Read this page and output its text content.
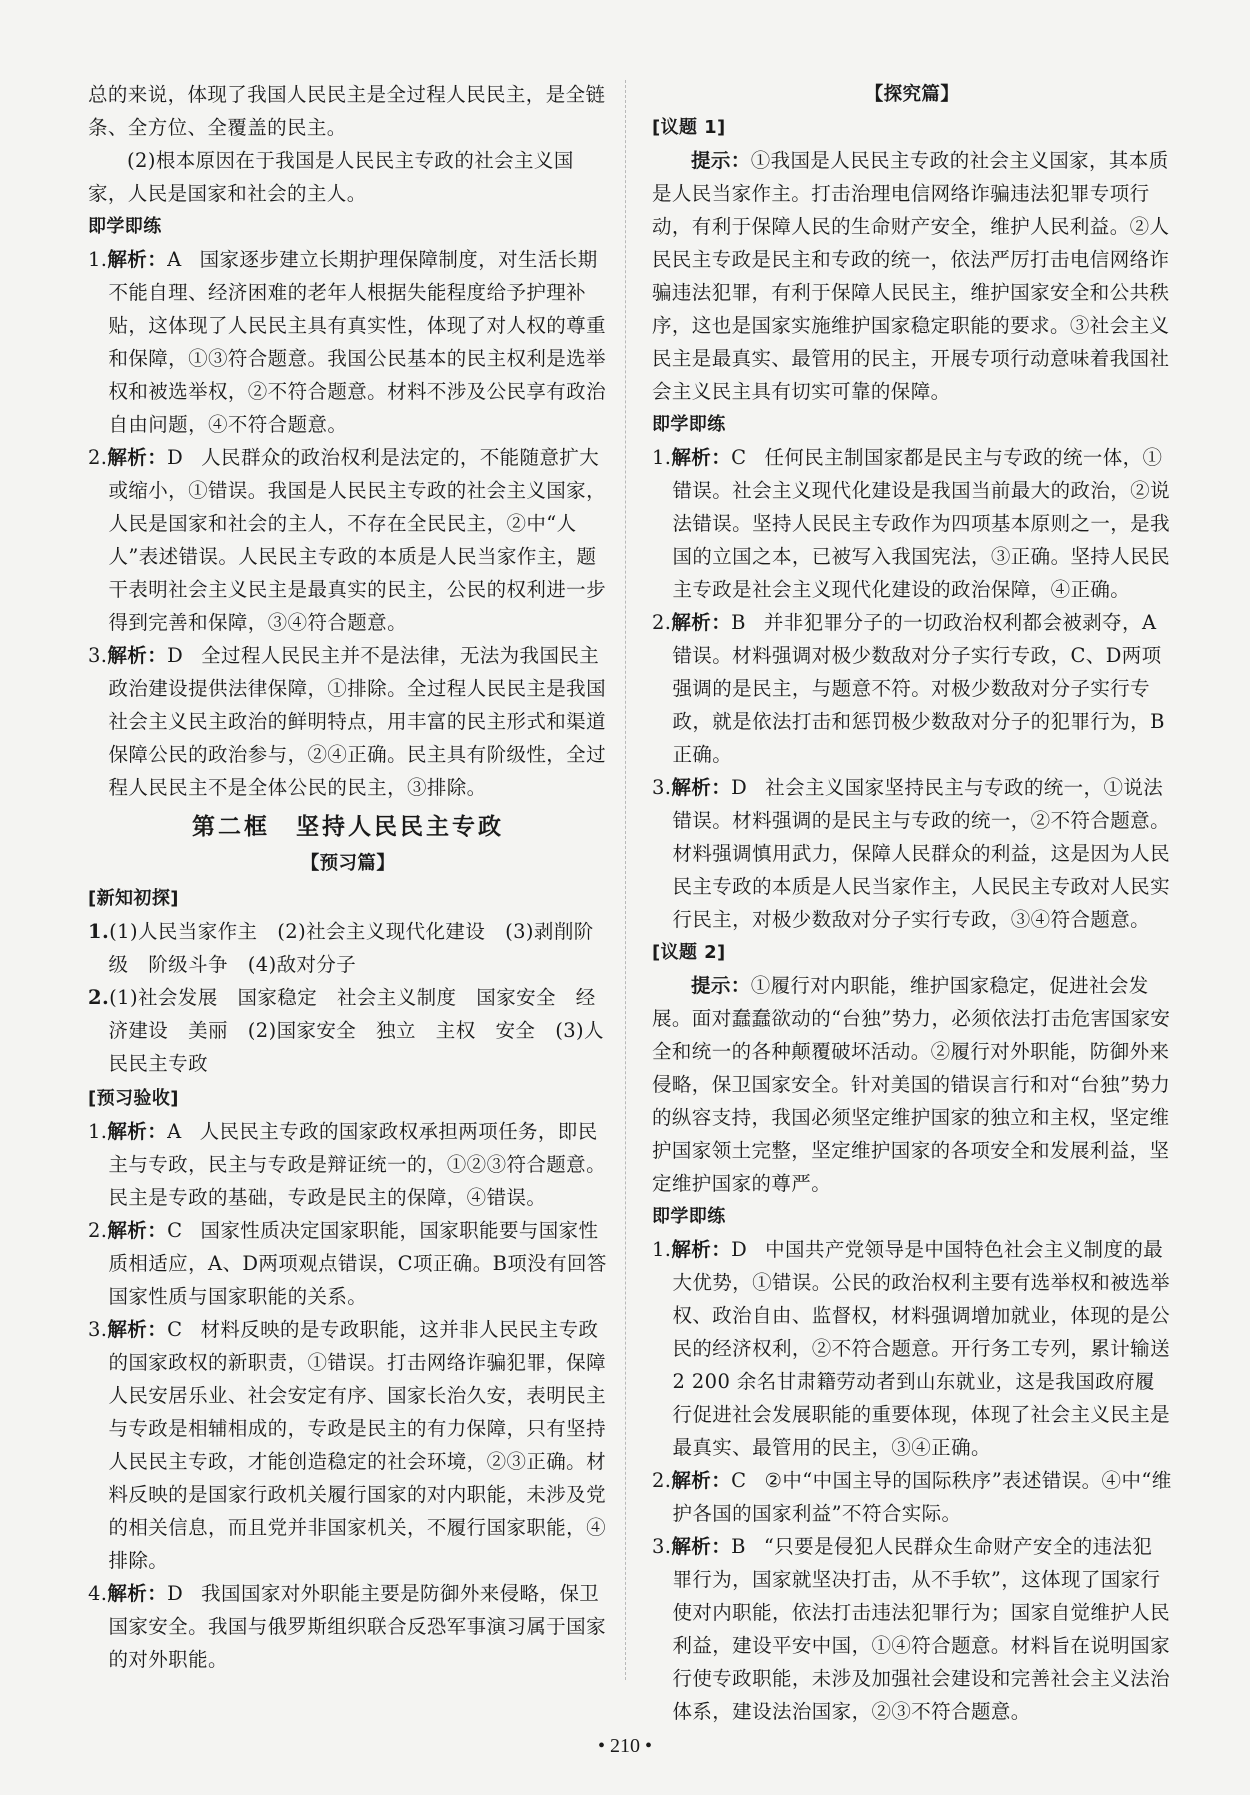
总的来说，体现了我国人民民主是全过程人民民主，是全链条、全方位、全覆盖的民主。

(2)根本原因在于我国是人民民主专政的社会主义国家，人民是国家和社会的主人。

即学即练

1.解析：A 国家逐步建立长期护理保障制度，对生活长期不能自理、经济困难的老年人根据失能程度给予护理补贴，这体现了人民民主具有真实性，体现了对人权的尊重和保障，①③符合题意。我国公民基本的民主权利是选举权和被选举权，②不符合题意。材料不涉及公民享有政治自由问题，④不符合题意。

2.解析：D 人民群众的政治权利是法定的，不能随意扩大或缩小，①错误。我国是人民民主专政的社会主义国家，人民是国家和社会的主人，不存在全民民主，②中“人人”表述错误。人民民主专政的本质是人民当家作主，题干表明社会主义民主是最真实的民主，公民的权利进一步得到完善和保障，③④符合题意。

3.解析：D 全过程人民民主并不是法律，无法为我国民主政治建设提供法律保障，①排除。全过程人民民主是我国社会主义民主政治的鲜明特点，用丰富的民主形式和渠道保障公民的政治参与，②④正确。民主具有阶级性，全过程人民民主不是全体公民的民主，③排除。

第二框　坚持人民民主专政

【预习篇】

[新知初探]

1.(1)人民当家作主　(2)社会主义现代化建设　(3)剥削阶级　阶级斗争　(4)敌对分子

2.(1)社会发展　国家稳定　社会主义制度　国家安全　经济建设　美丽　(2)国家安全　独立　主权　安全　(3)人民民主专政

[预习验收]

1.解析：A 人民民主专政的国家政权承担两项任务，即民主与专政，民主与专政是辩证统一的，①②③符合题意。民主是专政的基础，专政是民主的保障，④错误。

2.解析：C 国家性质决定国家职能，国家职能要与国家性质相适应，A、D两项观点错误，C项正确。B项没有回答国家性质与国家职能的关系。

3.解析：C 材料反映的是专政职能，这并非人民民主专政的国家政权的新职责，①错误。打击网络诈骗犯罪，保障人民安居乐业、社会安定有序、国家长治久安，表明民主与专政是相辅相成的，专政是民主的有力保障，只有坚持人民民主专政，才能创造稳定的社会环境，②③正确。材料反映的是国家行政机关履行国家的对内职能，未涉及党的相关信息，而且党并非国家机关，不履行国家职能，④排除。

4.解析：D 我国国家对外职能主要是防御外来侵略，保卫国家安全。我国与俄罗斯组织联合反恐军事演习属于国家的对外职能。

【探究篇】

[议题 1]

提示：①我国是人民民主专政的社会主义国家，其本质是人民当家作主。打击治理电信网络诈骗违法犯罪专项行动，有利于保障人民的生命财产安全，维护人民利益。②人民民主专政是民主和专政的统一，依法严厉打击电信网络诈骗违法犯罪，有利于保障人民民主，维护国家安全和公共秩序，这也是国家实施维护国家稳定职能的要求。③社会主义民主是最真实、最管用的民主，开展专项行动意味着我国社会主义民主具有切实可靠的保障。

即学即练

1.解析：C 任何民主制国家都是民主与专政的统一体，①错误。社会主义现代化建设是我国当前最大的政治，②说法错误。坚持人民民主专政作为四项基本原则之一，是我国的立国之本，已被写入我国宪法，③正确。坚持人民民主专政是社会主义现代化建设的政治保障，④正确。

2.解析：B 并非犯罪分子的一切政治权利都会被剥夺，A错误。材料强调对极少数敌对分子实行专政，C、D两项强调的是民主，与题意不符。对极少数敌对分子实行专政，就是依法打击和惩罚极少数敌对分子的犯罪行为，B正确。

3.解析：D 社会主义国家坚持民主与专政的统一，①说法错误。材料强调的是民主与专政的统一，②不符合题意。材料强调慎用武力，保障人民群众的利益，这是因为人民民主专政的本质是人民当家作主，人民民主专政对人民实行民主，对极少数敌对分子实行专政，③④符合题意。

[议题 2]

提示：①履行对内职能，维护国家稳定，促进社会发展。面对蠢蠢欲动的“台独”势力，必须依法打击危害国家安全和统一的各种颠覆破坏活动。②履行对外职能，防御外来侵略，保卫国家安全。针对美国的错误言行和对“台独”势力的纵容支持，我国必须坚定维护国家的独立和主权，坚定维护国家领土完整，坚定维护国家的各项安全和发展利益，坚定维护国家的尊严。

即学即练

1.解析：D 中国共产党领导是中国特色社会主义制度的最大优势，①错误。公民的政治权利主要有选举权和被选举权、政治自由、监督权，材料强调增加就业，体现的是公民的经济权利，②不符合题意。开行务工专列，累计输送 2 200 余名甘肃籍劳动者到山东就业，这是我国政府履行促进社会发展职能的重要体现，体现了社会主义民主是最真实、最管用的民主，③④正确。

2.解析：C ②中“中国主导的国际秩序”表述错误。④中“维护各国的国家利益”不符合实际。

3.解析：B “只要是侵犯人民群众生命财产安全的违法犯罪行为，国家就坚决打击，从不手软”，这体现了国家行使对内职能，依法打击违法犯罪行为；国家自觉维护人民利益，建设平安中国，①④符合题意。材料旨在说明国家行使专政职能，未涉及加强社会建设和完善社会主义法治体系，建设法治国家，②③不符合题意。

• 210 •
